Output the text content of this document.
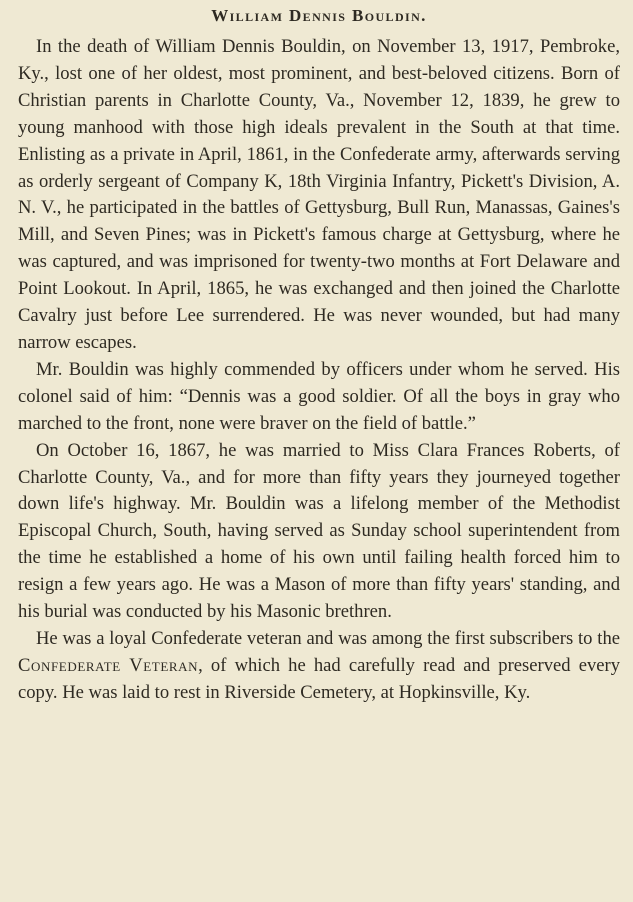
William Dennis Bouldin.

In the death of William Dennis Bouldin, on November 13, 1917, Pembroke, Ky., lost one of her oldest, most prominent, and best-beloved citizens. Born of Christian parents in Charlotte County, Va., November 12, 1839, he grew to young manhood with those high ideals prevalent in the South at that time. Enlisting as a private in April, 1861, in the Confederate army, afterwards serving as orderly sergeant of Company K, 18th Virginia Infantry, Pickett's Division, A. N. V., he participated in the battles of Gettysburg, Bull Run, Manassas, Gaines's Mill, and Seven Pines; was in Pickett's famous charge at Gettysburg, where he was captured, and was imprisoned for twenty-two months at Fort Delaware and Point Lookout. In April, 1865, he was exchanged and then joined the Charlotte Cavalry just before Lee surrendered. He was never wounded, but had many narrow escapes.

Mr. Bouldin was highly commended by officers under whom he served. His colonel said of him: “Dennis was a good soldier. Of all the boys in gray who marched to the front, none were braver on the field of battle.”

On October 16, 1867, he was married to Miss Clara Frances Roberts, of Charlotte County, Va., and for more than fifty years they journeyed together down life's highway. Mr. Bouldin was a lifelong member of the Methodist Episcopal Church, South, having served as Sunday school superintendent from the time he established a home of his own until failing health forced him to resign a few years ago. He was a Mason of more than fifty years' standing, and his burial was conducted by his Masonic brethren.

He was a loyal Confederate veteran and was among the first subscribers to the Confederate Veteran, of which he had carefully read and preserved every copy. He was laid to rest in Riverside Cemetery, at Hopkinsville, Ky.
